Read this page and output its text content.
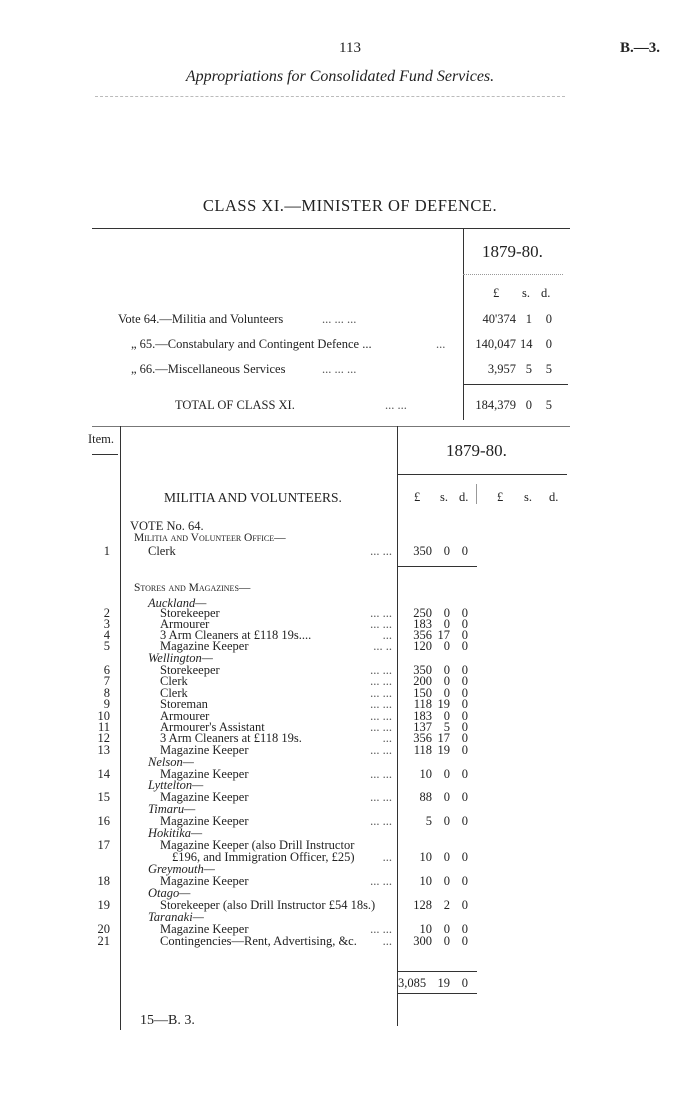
113	B.—3.
Appropriations for Consolidated Fund Services.
CLASS XI.—MINISTER OF DEFENCE.
1879-80.
£ s. d.
Vote 64.—Militia and Volunteers	... ... ...	40'374 1	0
„ 65.—Constabulary and Contingent Defence ...	...	140,047 14	0
„ 66.—Miscellaneous Services	... ... ...	3,957 5	5
TOTAL OF CLASS XI.	... ...	184,379 0	5
Item.
1879-80.
MILITIA AND VOLUNTEERS.	£ s. d. £ s. d.
VOTE No. 64.
Militia and Volunteer Office—
Stores and Magazines—
1	Clerk	... ...	350 0 0
Auckland—
2	Storekeeper	... ...	250 0 0
3	Armourer	... ...	183 0 0
4	3 Arm Cleaners at £118 19s....	...	356 17 0
5	Magazine Keeper	... ..	120 0 0
Wellington—
6	Storekeeper	... ...	350 0 0
7	Clerk	... ...	200 0 0
8	Clerk	... ...	150 0 0
9	Storeman	... ...	118 19 0
10	Armourer	... ...	183 0 0
11	Armourer's Assistant	... ...	137 5 0
12	3 Arm Cleaners at £118 19s.	...	356 17 0
13	Magazine Keeper	... ...	118 19 0
Nelson—
14	Magazine Keeper	... ...	10 0 0
Lyttelton—
15	Magazine Keeper	... ...	88 0 0
Timaru—
16	Magazine Keeper	... ...	5 0 0
Hokitika—
17	Magazine Keeper (also Drill Instructor
£196, and Immigration Officer, £25) ...	10 0 0
Greymouth—
18	Magazine Keeper	... ...	10 0 0
Otago—
19	Storekeeper (also Drill Instructor £54 18s.)	128 2 0
Taranaki—
20	Magazine Keeper	... ...	10 0 0
21	Contingencies—Rent, Advertising, &c. ...	300 0 0
3,085 19 0
15—B. 3.
